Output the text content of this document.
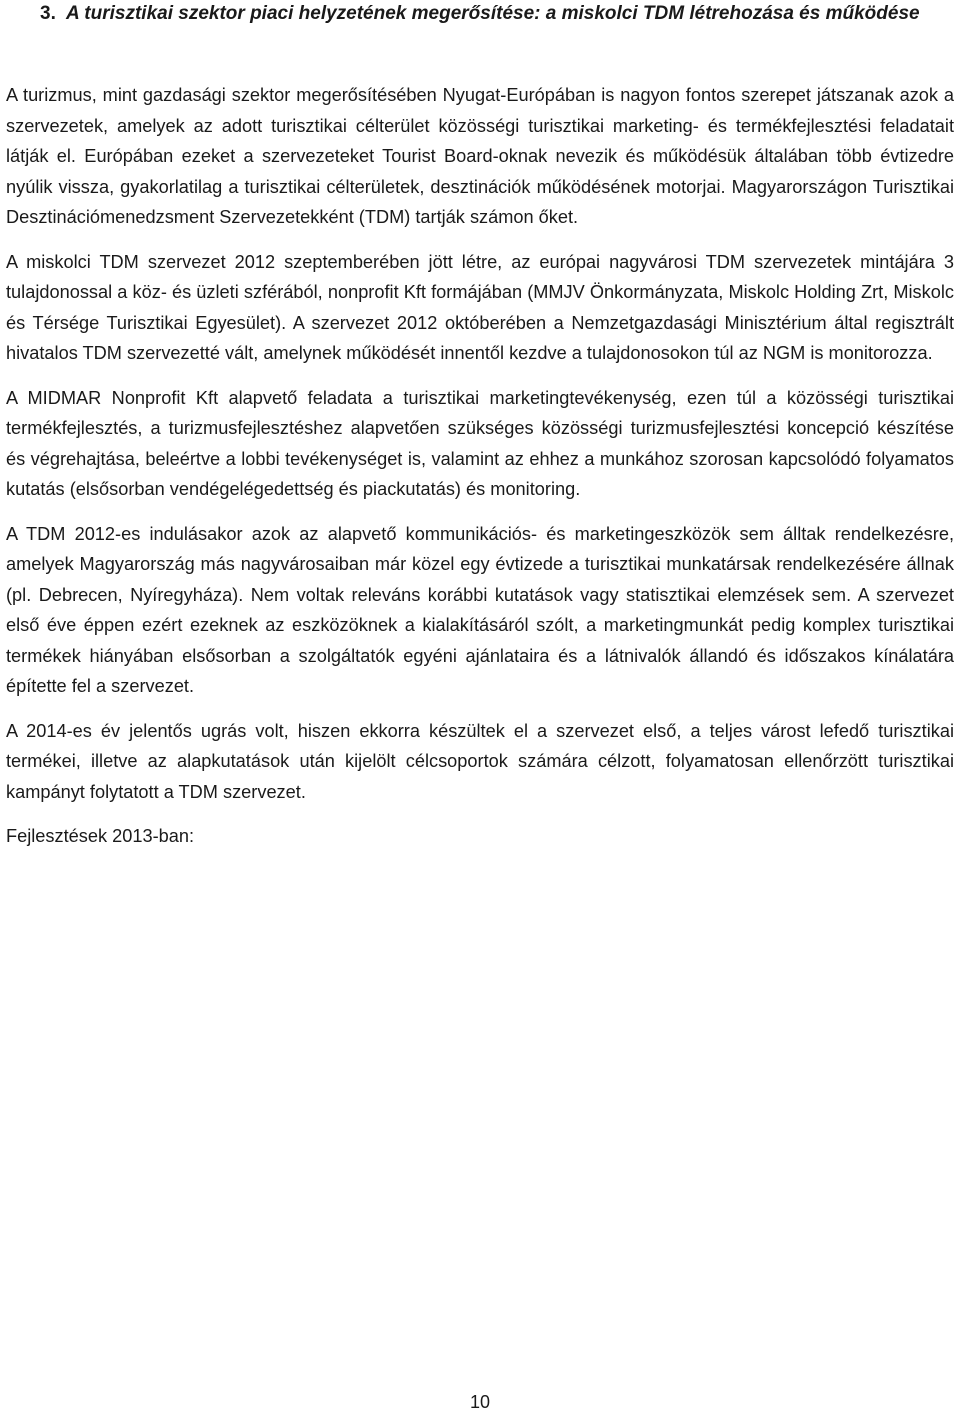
3. A turisztikai szektor piaci helyzetének megerősítése: a miskolci TDM létrehozása és működése

A turizmus, mint gazdasági szektor megerősítésében Nyugat-Európában is nagyon fontos szerepet játszanak azok a szervezetek, amelyek az adott turisztikai célterület közösségi turisztikai marketing- és termékfejlesztési feladatait látják el. Európában ezeket a szervezeteket Tourist Board-oknak nevezik és működésük általában több évtizedre nyúlik vissza, gyakorlatilag a turisztikai célterületek, desztinációk működésének motorjai. Magyarországon Turisztikai Desztinációmenedzsment Szervezetekként (TDM) tartják számon őket.

A miskolci TDM szervezet 2012 szeptemberében jött létre, az európai nagyvárosi TDM szervezetek mintájára 3 tulajdonossal a köz- és üzleti szférából, nonprofit Kft formájában (MMJV Önkormányzata, Miskolc Holding Zrt, Miskolc és Térsége Turisztikai Egyesület). A szervezet 2012 októberében a Nemzetgazdasági Minisztérium által regisztrált hivatalos TDM szervezetté vált, amelynek működését innentől kezdve a tulajdonosokon túl az NGM is monitorozza.

A MIDMAR Nonprofit Kft alapvető feladata a turisztikai marketingtevékenység, ezen túl a közösségi turisztikai termékfejlesztés, a turizmusfejlesztéshez alapvetően szükséges közösségi turizmusfejlesztési koncepció készítése és végrehajtása, beleértve a lobbi tevékenységet is, valamint az ehhez a munkához szorosan kapcsolódó folyamatos kutatás (elsősorban vendégelégedettség és piackutatás) és monitoring.

A TDM 2012-es indulásakor azok az alapvető kommunikációs- és marketingeszközök sem álltak rendelkezésre, amelyek Magyarország más nagyvárosaiban már közel egy évtizede a turisztikai munkatársak rendelkezésére állnak (pl. Debrecen, Nyíregyháza). Nem voltak releváns korábbi kutatások vagy statisztikai elemzések sem. A szervezet első éve éppen ezért ezeknek az eszközöknek a kialakításáról szólt, a marketingmunkát pedig komplex turisztikai termékek hiányában elsősorban a szolgáltatók egyéni ajánlataira és a látnivalók állandó és időszakos kínálatára építette fel a szervezet.

A 2014-es év jelentős ugrás volt, hiszen ekkorra készültek el a szervezet első, a teljes várost lefedő turisztikai termékei, illetve az alapkutatások után kijelölt célcsoportok számára célzott, folyamatosan ellenőrzött turisztikai kampányt folytatott a TDM szervezet.

Fejlesztések 2013-ban:

10
